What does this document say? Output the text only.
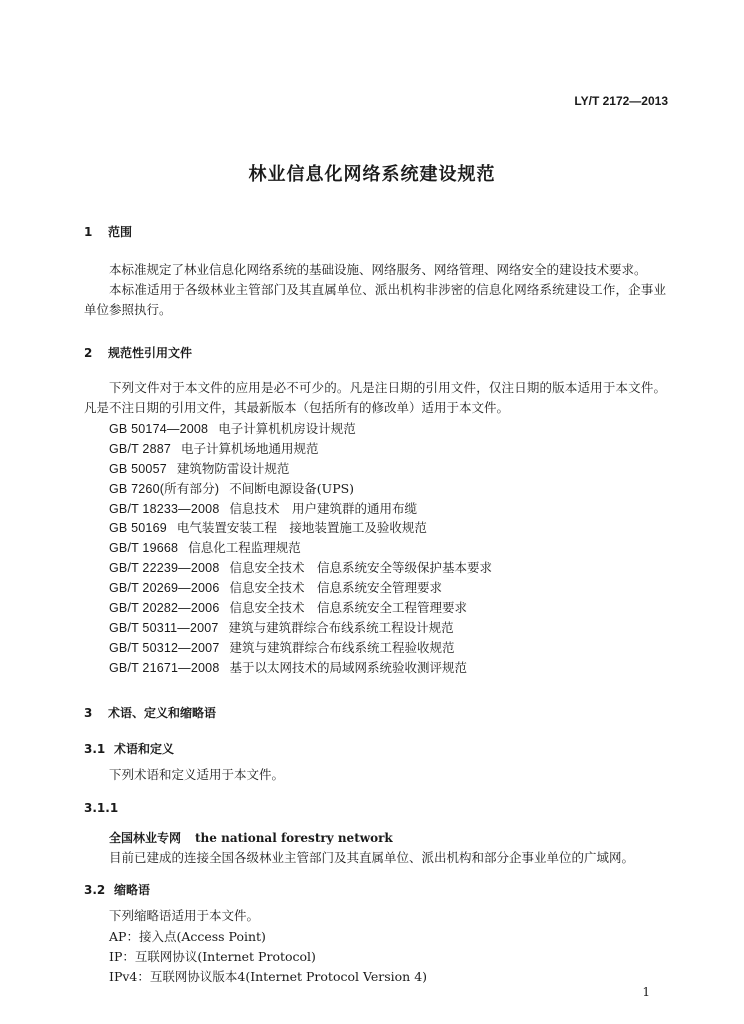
LY/T 2172—2013
林业信息化网络系统建设规范
1 范围

本标准规定了林业信息化网络系统的基础设施、网络服务、网络管理、网络安全的建设技术要求。

本标准适用于各级林业主管部门及其直属单位、派出机构非涉密的信息化网络系统建设工作，企事业单位参照执行。

2 规范性引用文件

下列文件对于本文件的应用是必不可少的。凡是注日期的引用文件，仅注日期的版本适用于本文件。凡是不注日期的引用文件，其最新版本（包括所有的修改单）适用于本文件。

GB 50174—2008 电子计算机机房设计规范
GB/T 2887 电子计算机场地通用规范
GB 50057 建筑物防雷设计规范
GB 7260(所有部分) 不间断电源设备(UPS)
GB/T 18233—2008 信息技术　用户建筑群的通用布缆
GB 50169 电气装置安装工程　接地装置施工及验收规范
GB/T 19668 信息化工程监理规范
GB/T 22239—2008 信息安全技术　信息系统安全等级保护基本要求
GB/T 20269—2006 信息安全技术　信息系统安全管理要求
GB/T 20282—2006 信息安全技术　信息系统安全工程管理要求
GB/T 50311—2007 建筑与建筑群综合布线系统工程设计规范
GB/T 50312—2007 建筑与建筑群综合布线系统工程验收规范
GB/T 21671—2008 基于以太网技术的局域网系统验收测评规范
3 术语、定义和缩略语
3.1 术语和定义
下列术语和定义适用于本文件。
3.1.1
全国林业专网 the national forestry network
目前已建成的连接全国各级林业主管部门及其直属单位、派出机构和部分企事业单位的广域网。
3.2 缩略语
下列缩略语适用于本文件。
AP：接入点(Access Point)
IP：互联网协议(Internet Protocol)
IPv4：互联网协议版本4(Internet Protocol Version 4)
1
